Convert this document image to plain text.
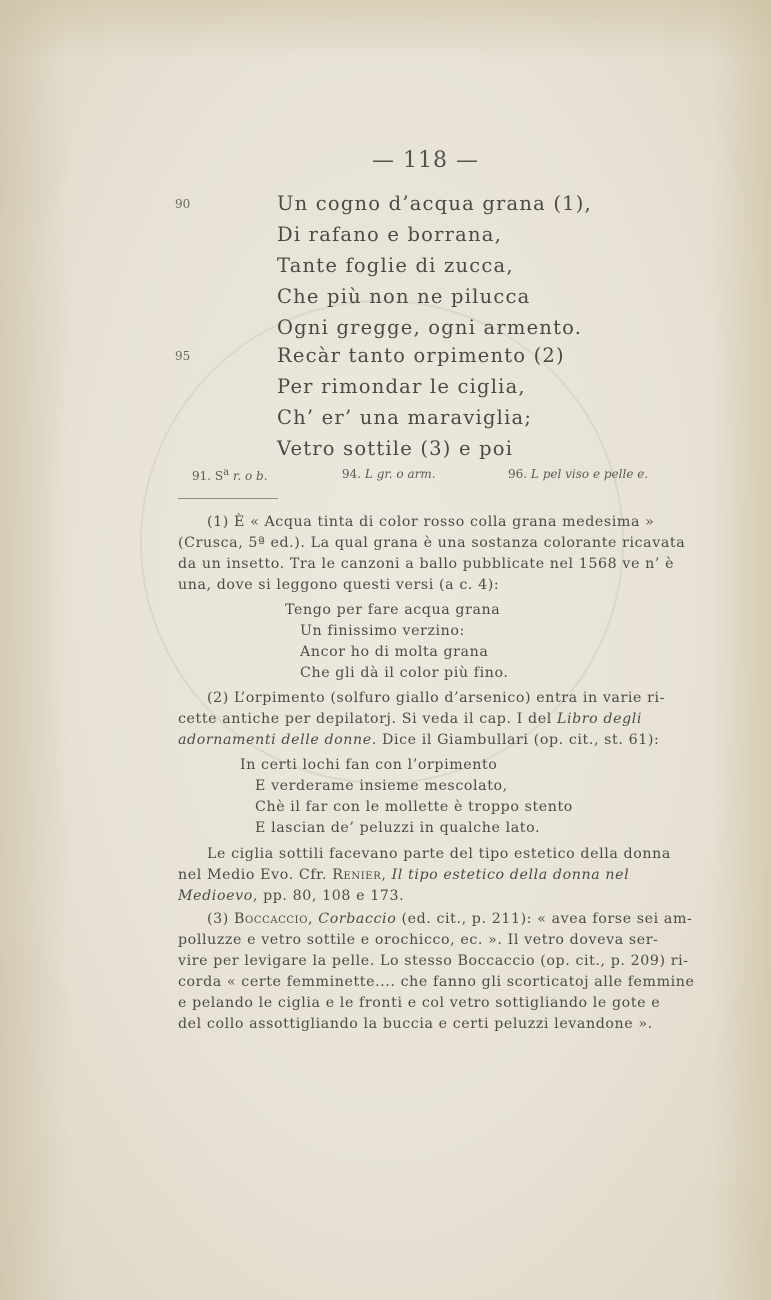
— 118 —
90	Un cogno d’acqua grana (1),
Di rafano e borrana,
Tante foglie di zucca,
Che più non ne pilucca
Ogni gregge, ogni armento.
95	Recàr tanto orpimento (2)
Per rimondar le ciglia,
Ch’ er’ una maraviglia;
Vetro sottile (3) e poi
91. $S^a$ r. o b.	94. L gr. o arm.	96. L pel viso e pelle e.
(1) È « Acqua tinta di color rosso colla grana medesima »
(Crusca, 5ª ed.). La qual grana è una sostanza colorante ricavata
da un insetto. Tra le canzoni a ballo pubblicate nel 1568 ve n’ è
una, dove si leggono questi versi (a c. 4):
Tengo per fare acqua grana
Un finissimo verzino:
Ancor ho di molta grana
Che gli dà il color più fino.
(2) L’orpimento (solfuro giallo d’arsenico) entra in varie ri-
cette antiche per depilatorj. Si veda il cap. I del Libro degli
adornamenti delle donne. Dice il Giambullari (op. cit., st. 61):
In certi lochi fan con l’orpimento
E verderame insieme mescolato,
Chè il far con le mollette è troppo stento
E lascian de’ peluzzi in qualche lato.
Le ciglia sottili facevano parte del tipo estetico della donna
nel Medio Evo. Cfr. Renier, Il tipo estetico della donna nel
Medioevo, pp. 80, 108 e 173.
(3) Boccaccio, Corbaccio (ed. cit., p. 211): « avea forse sei am-
polluzze e vetro sottile e orochicco, ec. ». Il vetro doveva ser-
vire per levigare la pelle. Lo stesso Boccaccio (op. cit., p. 209) ri-
corda « certe femminette.... che fanno gli scorticatoj alle femmine
e pelando le ciglia e le fronti e col vetro sottigliando le gote e
del collo assottigliando la buccia e certi peluzzi levandone ».
